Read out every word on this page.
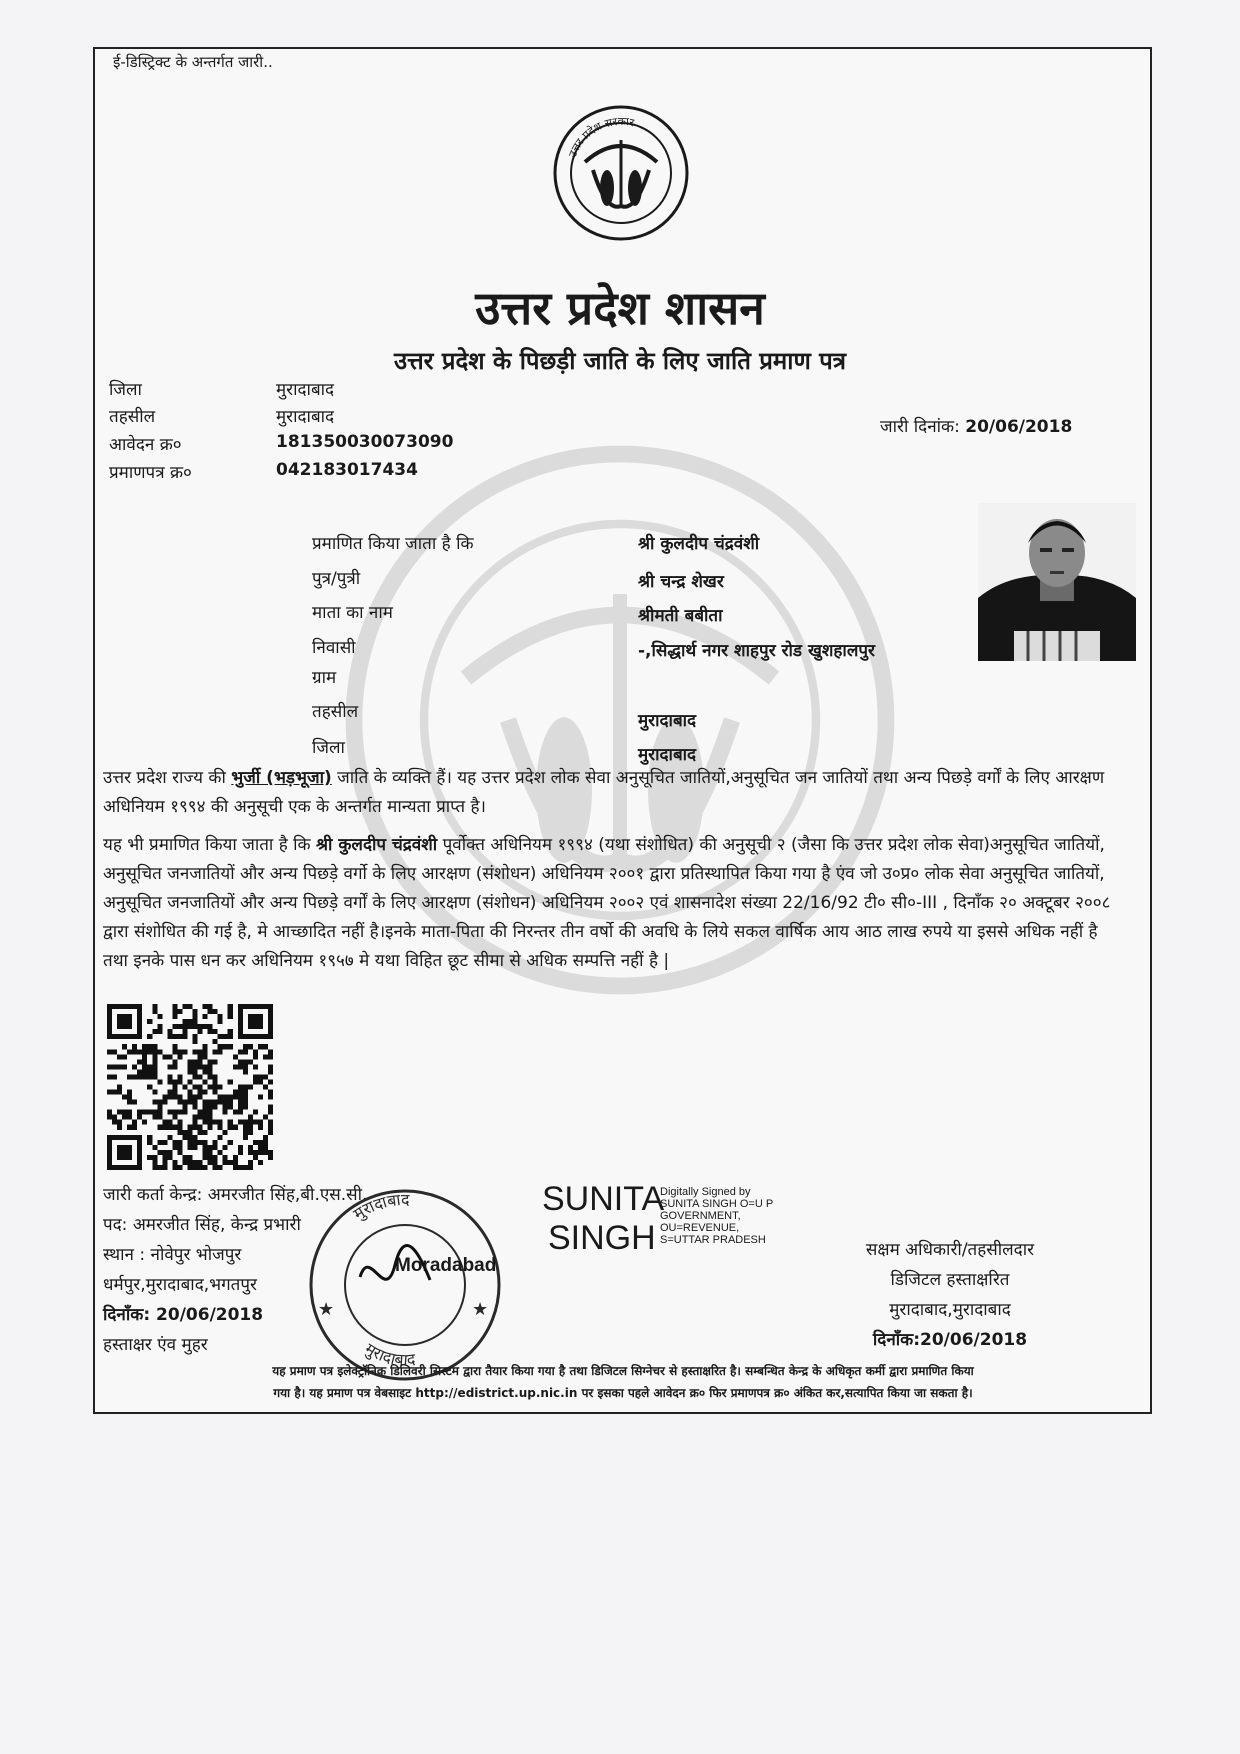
ई-डिस्ट्रिक्ट के अन्तर्गत जारी..
उत्तर प्रदेश सरकार
उत्तर प्रदेश शासन
उत्तर प्रदेश के पिछड़ी जाति के लिए जाति प्रमाण पत्र
जिला	मुरादाबाद
तहसील	मुरादाबाद
आवेदन क्र०	181350030073090
प्रमाणपत्र क्र०	042183017434
जारी दिनांक: 20/06/2018
प्रमाणित किया जाता है कि	श्री कुलदीप चंद्रवंशी
पुत्र/पुत्री	श्री चन्द्र शेखर
माता का नाम	श्रीमती बबीता
निवासी	-,सिद्धार्थ नगर शाहपुर रोड खुशहालपुर
ग्राम
तहसील	मुरादाबाद
जिला	मुरादाबाद
उत्तर प्रदेश राज्य की भुर्जी (भड़भूजा) जाति के व्यक्ति हैं। यह उत्तर प्रदेश लोक सेवा अनुसूचित जातियों,अनुसूचित जन जातियों तथा अन्य पिछड़े वर्गों के लिए आरक्षण अधिनियम १९९४ की अनुसूची एक के अन्तर्गत मान्यता प्राप्त है।
यह भी प्रमाणित किया जाता है कि श्री कुलदीप चंद्रवंशी पूर्वोक्त अधिनियम १९९४ (यथा संशोधित) की अनुसूची २ (जैसा कि उत्तर प्रदेश लोक सेवा)अनुसूचित जातियों, अनुसूचित जनजातियों और अन्य पिछड़े वर्गो के लिए आरक्षण (संशोधन) अधिनियम २००१ द्वारा प्रतिस्थापित किया गया है एंव जो उ०प्र० लोक सेवा अनुसूचित जातियों, अनुसूचित जनजातियों और अन्य पिछड़े वर्गों के लिए आरक्षण (संशोधन) अधिनियम २००२ एवं शासनादेश संख्या 22/16/92 टी० सी०-III , दिनाँक २० अक्टूबर २००८ द्वारा संशोधित की गई है, मे आच्छादित नहीं है।इनके माता-पिता की निरन्तर तीन वर्षो की अवधि के लिये सकल वार्षिक आय आठ लाख रुपये या इससे अधिक नहीं है तथा इनके पास धन कर अधिनियम १९५७ मे यथा विहित छूट सीमा से अधिक सम्पत्ति नहीं है |
जारी कर्ता केन्द्र: अमरजीत सिंह,बी.एस.सी.
पद: अमरजीत सिंह, केन्द्र प्रभारी
स्थान : नोवेपुर भोजपुर
धर्मपुर,मुरादाबाद,भगतपुर
दिनाँक: 20/06/2018
हस्ताक्षर एंव मुहर
मुरादाबाद
मुरादाबाद
★	★
Moradabad
SUNITA
SINGH
Digitally Signed by
SUNITA SINGH O=U P
GOVERNMENT,
OU=REVENUE,
S=UTTAR PRADESH	सक्षम अधिकारी/तहसीलदार
डिजिटल हस्ताक्षरित
मुरादाबाद,मुरादाबाद
दिनाँक:20/06/2018
यह प्रमाण पत्र इलेक्ट्रॉनिक डिलिवरी सिस्टम द्वारा तैयार किया गया है तथा डिजिटल सिग्नेचर से हस्ताक्षरित है। सम्बन्धित केन्द्र के अधिकृत कर्मी द्वारा प्रमाणित किया
गया है। यह प्रमाण पत्र वेबसाइट http://edistrict.up.nic.in पर इसका पहले आवेदन क्र० फिर प्रमाणपत्र क्र० अंकित कर,सत्यापित किया जा सकता है।
